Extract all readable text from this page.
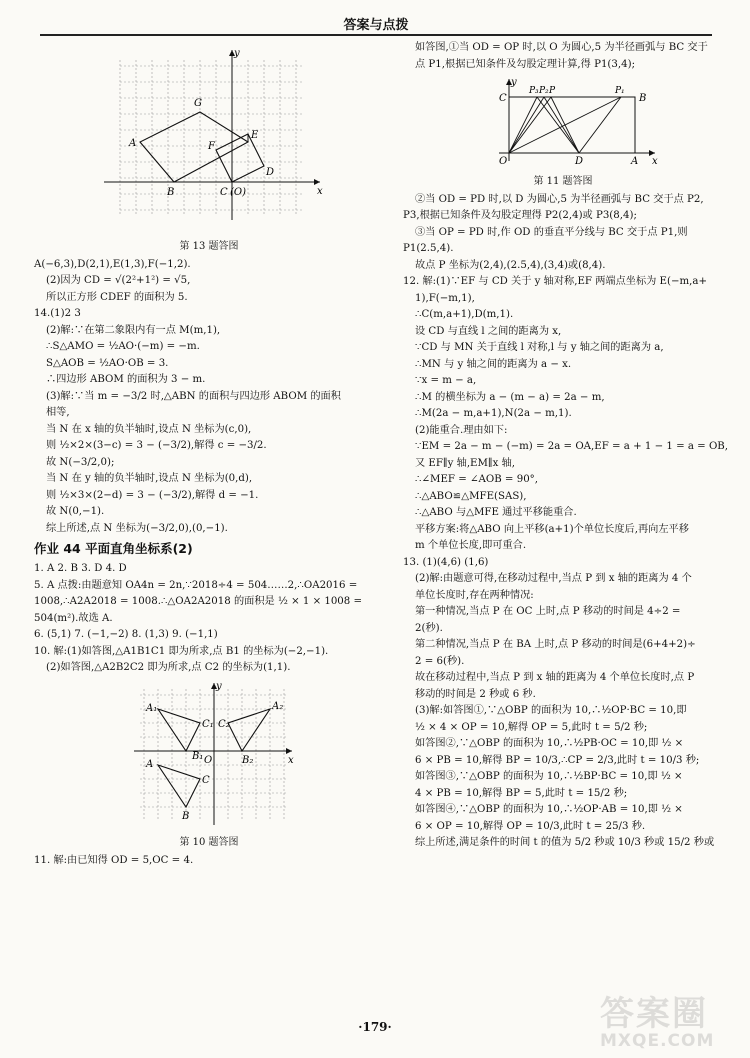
答案与点拨
y
x
G
A
E
F
D
B	C (O)
第 13 题答图

A(−6,3),D(2,1),E(1,3),F(−1,2).

(2)因为 CD = √(2²+1²) = √5,

所以正方形 CDEF 的面积为 5.

14.(1)2 3

(2)解:∵在第二象限内有一点 M(m,1),

∴S△AMO = ½AO·(−m) = −m.

S△AOB = ½AO·OB = 3.

∴四边形 ABOM 的面积为 3 − m.

(3)解:∵当 m = −3/2 时,△ABN 的面积与四边形 ABOM 的面积

相等,

当 N 在 x 轴的负半轴时,设点 N 坐标为(c,0),

则 ½×2×(3−c) = 3 − (−3/2),解得 c = −3/2.

故 N(−3/2,0);

当 N 在 y 轴的负半轴时,设点 N 坐标为(0,d),

则 ½×3×(2−d) = 3 − (−3/2),解得 d = −1.

故 N(0,−1).

综上所述,点 N 坐标为(−3/2,0),(0,−1).

作业 44 平面直角坐标系(2)

1. A 2. B 3. D 4. D

5. A 点拨:由题意知 OA4n = 2n,∵2018÷4 = 504……2,∴OA2016 =

1008,∴A2A2018 = 1008.∴△OA2A2018 的面积是 ½ × 1 × 1008 =

504(m²).故选 A.

6. (5,1) 7. (−1,−2) 8. (1,3) 9. (−1,1)

10. 解:(1)如答图,△A1B1C1 即为所求,点 B1 的坐标为(−2,−1).

(2)如答图,△A2B2C2 即为所求,点 C2 的坐标为(1,1).

y
x
A₁
C₁
A₂
C₂
A	O
B₁
C
B₂
B
第 10 题答图

11. 解:由已知得 OD = 5,OC = 4.

如答图,①当 OD = OP 时,以 O 为圆心,5 为半径画弧与 BC 交于

点 P1,根据已知条件及勾股定理计算,得 P1(3,4);

y
x
C	B
P₃ P₂ P	P₁
O	D	A
第 11 题答图

②当 OD = PD 时,以 D 为圆心,5 为半径画弧与 BC 交于点 P2,

P3,根据已知条件及勾股定理得 P2(2,4)或 P3(8,4);

③当 OP = PD 时,作 OD 的垂直平分线与 BC 交于点 P1,则

P1(2.5,4).

故点 P 坐标为(2,4),(2.5,4),(3,4)或(8,4).

12. 解:(1)∵EF 与 CD 关于 y 轴对称,EF 两端点坐标为 E(−m,a+

1),F(−m,1),

∴C(m,a+1),D(m,1).

设 CD 与直线 l 之间的距离为 x,

∵CD 与 MN 关于直线 l 对称,l 与 y 轴之间的距离为 a,

∴MN 与 y 轴之间的距离为 a − x.

∵x = m − a,

∴M 的横坐标为 a − (m − a) = 2a − m,

∴M(2a − m,a+1),N(2a − m,1).

(2)能重合.理由如下:

∵EM = 2a − m − (−m) = 2a = OA,EF = a + 1 − 1 = a = OB,

又 EF∥y 轴,EM∥x 轴,

∴∠MEF = ∠AOB = 90°,

∴△ABO≌△MFE(SAS),

∴△ABO 与△MFE 通过平移能重合.

平移方案:将△ABO 向上平移(a+1)个单位长度后,再向左平移

m 个单位长度,即可重合.

13. (1)(4,6) (1,6)

(2)解:由题意可得,在移动过程中,当点 P 到 x 轴的距离为 4 个

单位长度时,存在两种情况:

第一种情况,当点 P 在 OC 上时,点 P 移动的时间是 4÷2 =

2(秒).

第二种情况,当点 P 在 BA 上时,点 P 移动的时间是(6+4+2)÷

2 = 6(秒).

故在移动过程中,当点 P 到 x 轴的距离为 4 个单位长度时,点 P

移动的时间是 2 秒或 6 秒.

(3)解:如答图①,∵△OBP 的面积为 10,∴½OP·BC = 10,即

½ × 4 × OP = 10,解得 OP = 5,此时 t = 5/2 秒;

如答图②,∵△OBP 的面积为 10,∴½PB·OC = 10,即 ½ ×

6 × PB = 10,解得 BP = 10/3,∴CP = 2/3,此时 t = 10/3 秒;

如答图③,∵△OBP 的面积为 10,∴½BP·BC = 10,即 ½ ×

4 × PB = 10,解得 BP = 5,此时 t = 15/2 秒;

如答图④,∵△OBP 的面积为 10,∴½OP·AB = 10,即 ½ ×

6 × OP = 10,解得 OP = 10/3,此时 t = 25/3 秒.

综上所述,满足条件的时间 t 的值为 5/2 秒或 10/3 秒或 15/2 秒或

·179·	答案圈
MXQE.COM
